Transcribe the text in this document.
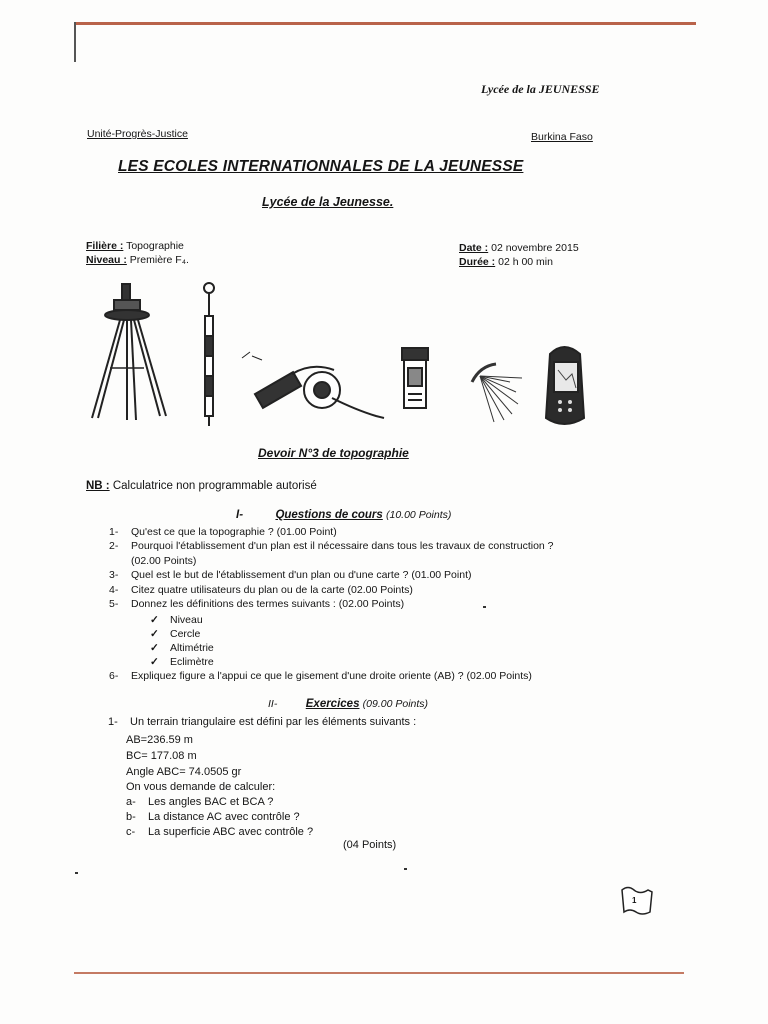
Lycée de la JEUNESSE
Unité-Progrès-Justice	Burkina Faso
LES ECOLES INTERNATIONNALES DE LA JEUNESSE
Lycée de la Jeunesse.
Filière : Topographie
Niveau : Première F₄.
Date : 02 novembre 2015
Durée : 02 h 00 min
Devoir N°3 de topographie
NB : Calculatrice non programmable autorisé
I-	Questions de cours (10.00 Points)
1- Qu'est ce que la topographie ? (01.00 Point)
2- Pourquoi l'établissement d'un plan est il nécessaire dans tous les travaux de construction ?
(02.00 Points)
3- Quel est le but de l'établissement d'un plan ou d'une carte ? (01.00 Point)
4- Citez quatre utilisateurs du plan ou de la carte (02.00 Points)
5- Donnez les définitions des termes suivants : (02.00 Points)
✓ Niveau
✓ Cercle
✓ Altimétrie
✓ Eclimètre
6- Expliquez figure a l'appui ce que le gisement d'une droite oriente (AB) ? (02.00 Points)
II- Exercices (09.00 Points)
1- Un terrain triangulaire est défini par les éléments suivants :
AB=236.59 m
BC= 177.08 m
Angle ABC= 74.0505 gr
On vous demande de calculer:
a- Les angles BAC et BCA ?
b- La distance AC avec contrôle ?
c- La superficie ABC avec contrôle ?
(04 Points)
1
